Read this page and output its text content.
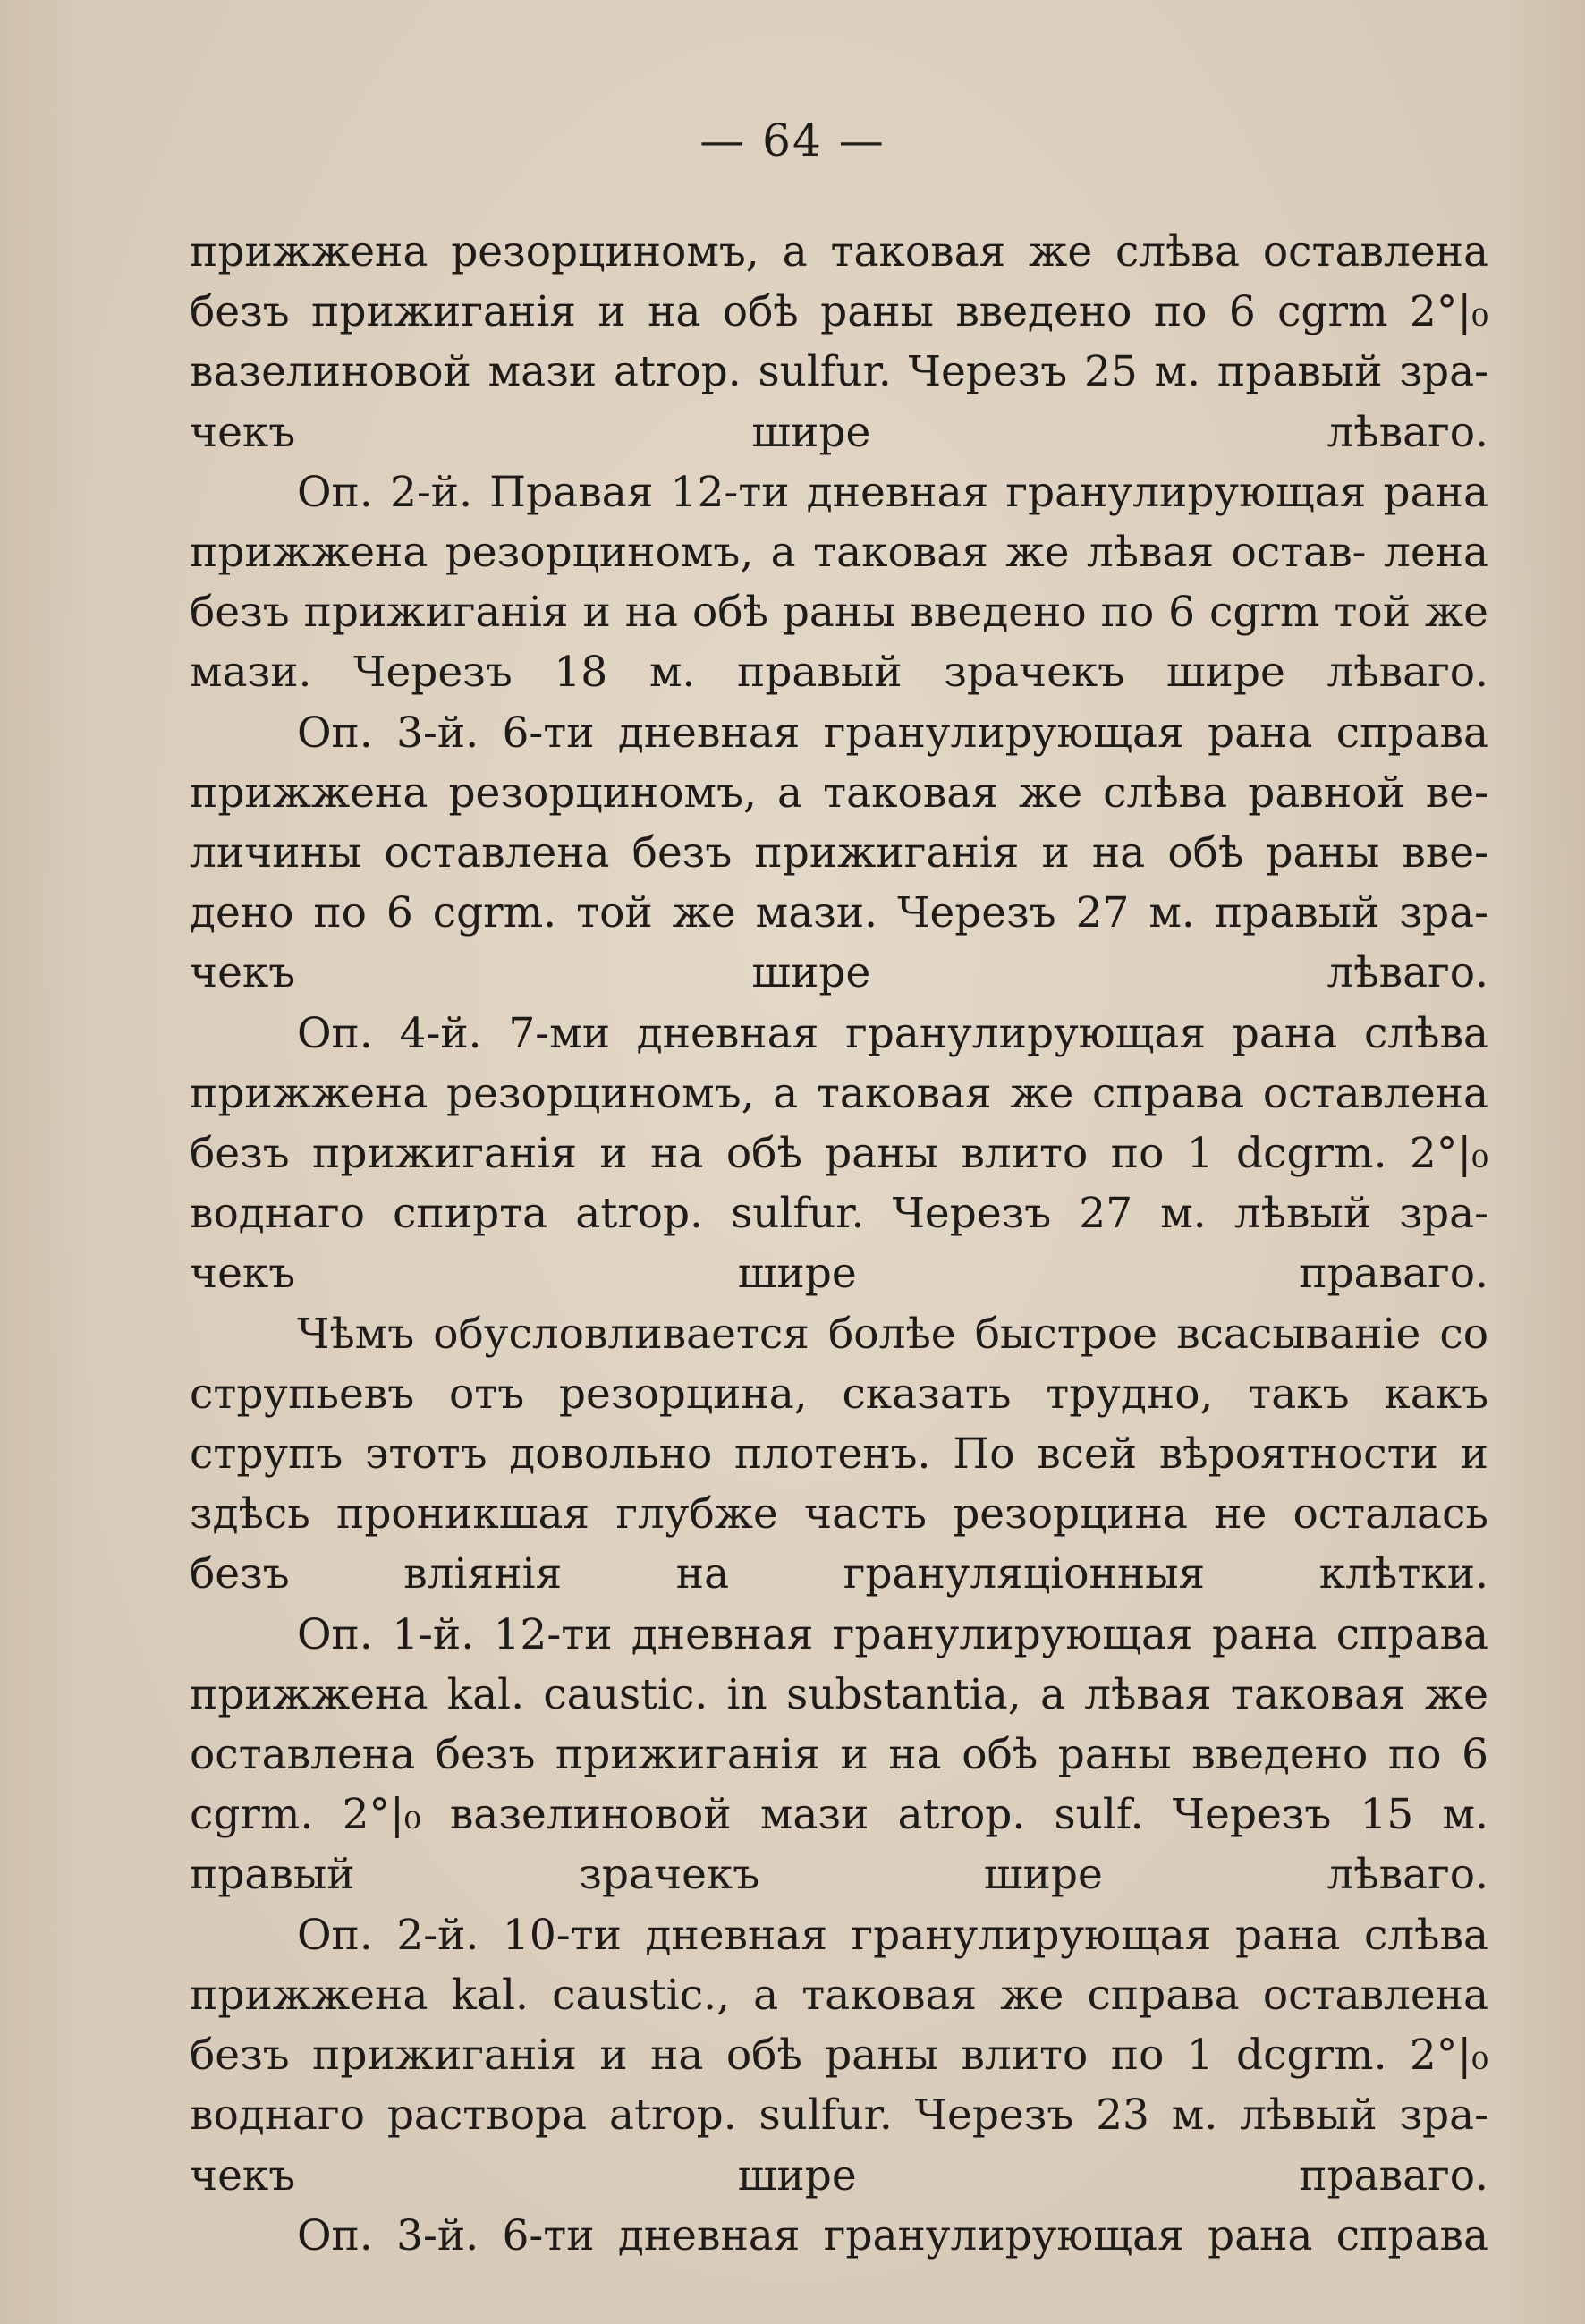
— 64 —

прижжена резорциномъ, а таковая же слѣва оставлена безъ прижиганія и на обѣ раны введено по 6 cgrm 2°|₀ вазелиновой мази atrop. sulfur. Черезъ 25 м. правый зра- чекъ шире лѣваго.

Оп. 2-й. Правая 12-ти дневная гранулирующая рана прижжена резорциномъ, а таковая же лѣвая остав- лена безъ прижиганія и на обѣ раны введено по 6 cgrm той же мази. Черезъ 18 м. правый зрачекъ шире лѣваго.

Оп. 3-й. 6-ти дневная гранулирующая рана справа прижжена резорциномъ, а таковая же слѣва равной ве- личины оставлена безъ прижиганія и на обѣ раны вве- дено по 6 cgrm. той же мази. Черезъ 27 м. правый зра- чекъ шире лѣваго.

Оп. 4-й. 7-ми дневная гранулирующая рана слѣва прижжена резорциномъ, а таковая же справа оставлена безъ прижиганія и на обѣ раны влито по 1 dcgrm. 2°|₀ воднаго спирта atrop. sulfur. Черезъ 27 м. лѣвый зра- чекъ шире праваго.

Чѣмъ обусловливается болѣе быстрое всасываніе со струпьевъ отъ резорцина, сказать трудно, такъ какъ струпъ этотъ довольно плотенъ. По всей вѣроятности и здѣсь проникшая глубже часть резорцина не осталась безъ вліянія на грануляціонныя клѣтки.

Оп. 1-й. 12-ти дневная гранулирующая рана справа прижжена kal. caustic. in substantia, а лѣвая таковая же оставлена безъ прижиганія и на обѣ раны введено по 6 cgrm. 2°|₀ вазелиновой мази atrop. sulf. Черезъ 15 м. правый зрачекъ шире лѣваго.

Оп. 2-й. 10-ти дневная гранулирующая рана слѣва прижжена kal. caustic., а таковая же справа оставлена безъ прижиганія и на обѣ раны влито по 1 dcgrm. 2°|₀ воднаго раствора atrop. sulfur. Черезъ 23 м. лѣвый зра- чекъ шире праваго.

Оп. 3-й. 6-ти дневная гранулирующая рана справа
